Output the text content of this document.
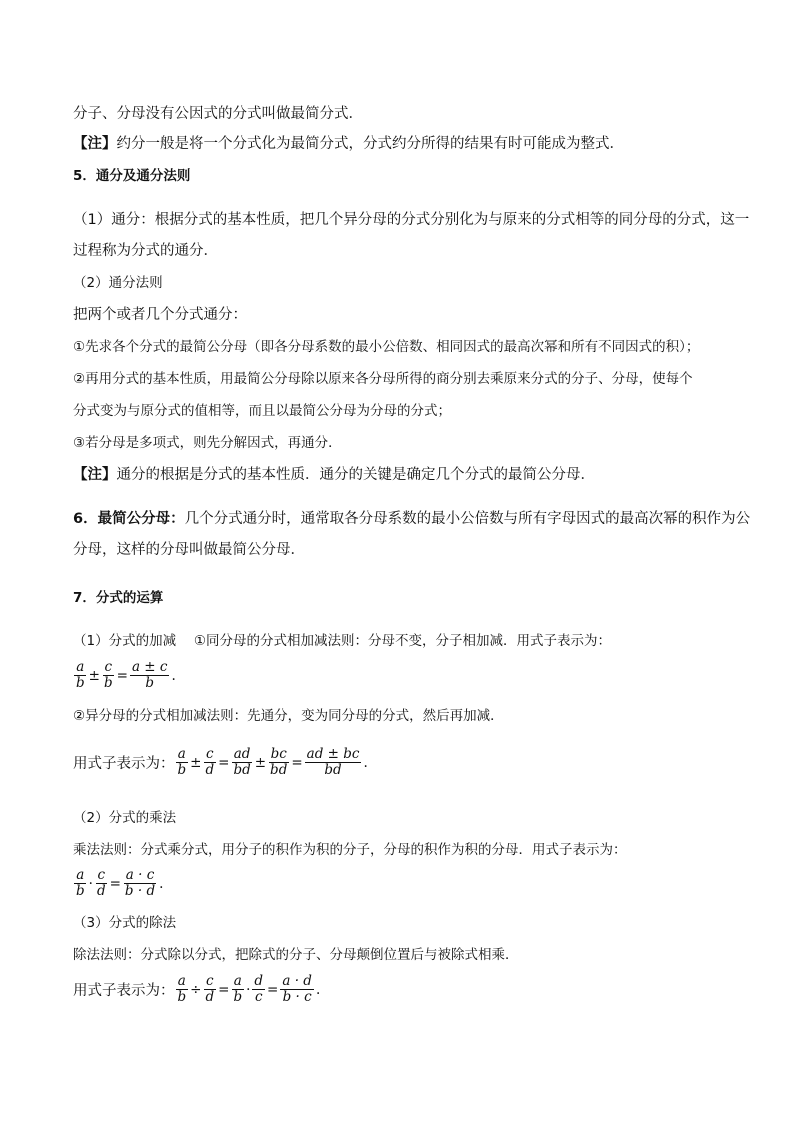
分子、分母没有公因式的分式叫做最简分式．
【注】约分一般是将一个分式化为最简分式，分式约分所得的结果有时可能成为整式．
5．通分及通分法则
（1）通分：根据分式的基本性质，把几个异分母的分式分别化为与原来的分式相等的同分母的分式，这一
过程称为分式的通分．
（2）通分法则
把两个或者几个分式通分：
①先求各个分式的最简公分母（即各分母系数的最小公倍数、相同因式的最高次幂和所有不同因式的积）；
②再用分式的基本性质，用最简公分母除以原来各分母所得的商分别去乘原来分式的分子、分母，使每个
分式变为与原分式的值相等，而且以最简公分母为分母的分式；
③若分母是多项式，则先分解因式，再通分．
【注】通分的根据是分式的基本性质．通分的关键是确定几个分式的最简公分母．
6．最简公分母：几个分式通分时，通常取各分母系数的最小公倍数与所有字母因式的最高次幂的积作为公
分母，这样的分母叫做最简公分母．
7．分式的运算
（1）分式的加减　 ①同分母的分式相加减法则：分母不变，分子相加减．用式子表示为：
$\frac{a}{b} \pm \frac{c}{b} = \frac{a \pm c}{b}$ .
②异分母的分式相加减法则：先通分，变为同分母的分式，然后再加减．
用式子表示为： $\frac{a}{b} \pm \frac{c}{d} = \frac{ad}{bd} \pm \frac{bc}{bd} = \frac{ad \pm bc}{bd}$ .
（2）分式的乘法
乘法法则：分式乘分式，用分子的积作为积的分子，分母的积作为积的分母．用式子表示为：
$\frac{a}{b} \cdot \frac{c}{d} = \frac{a \cdot c}{b \cdot d}$ .
（3）分式的除法
除法法则：分式除以分式，把除式的分子、分母颠倒位置后与被除式相乘．
用式子表示为： $\frac{a}{b} \div \frac{c}{d} = \frac{a}{b} \cdot \frac{d}{c} = \frac{a \cdot d}{b \cdot c}$ .
